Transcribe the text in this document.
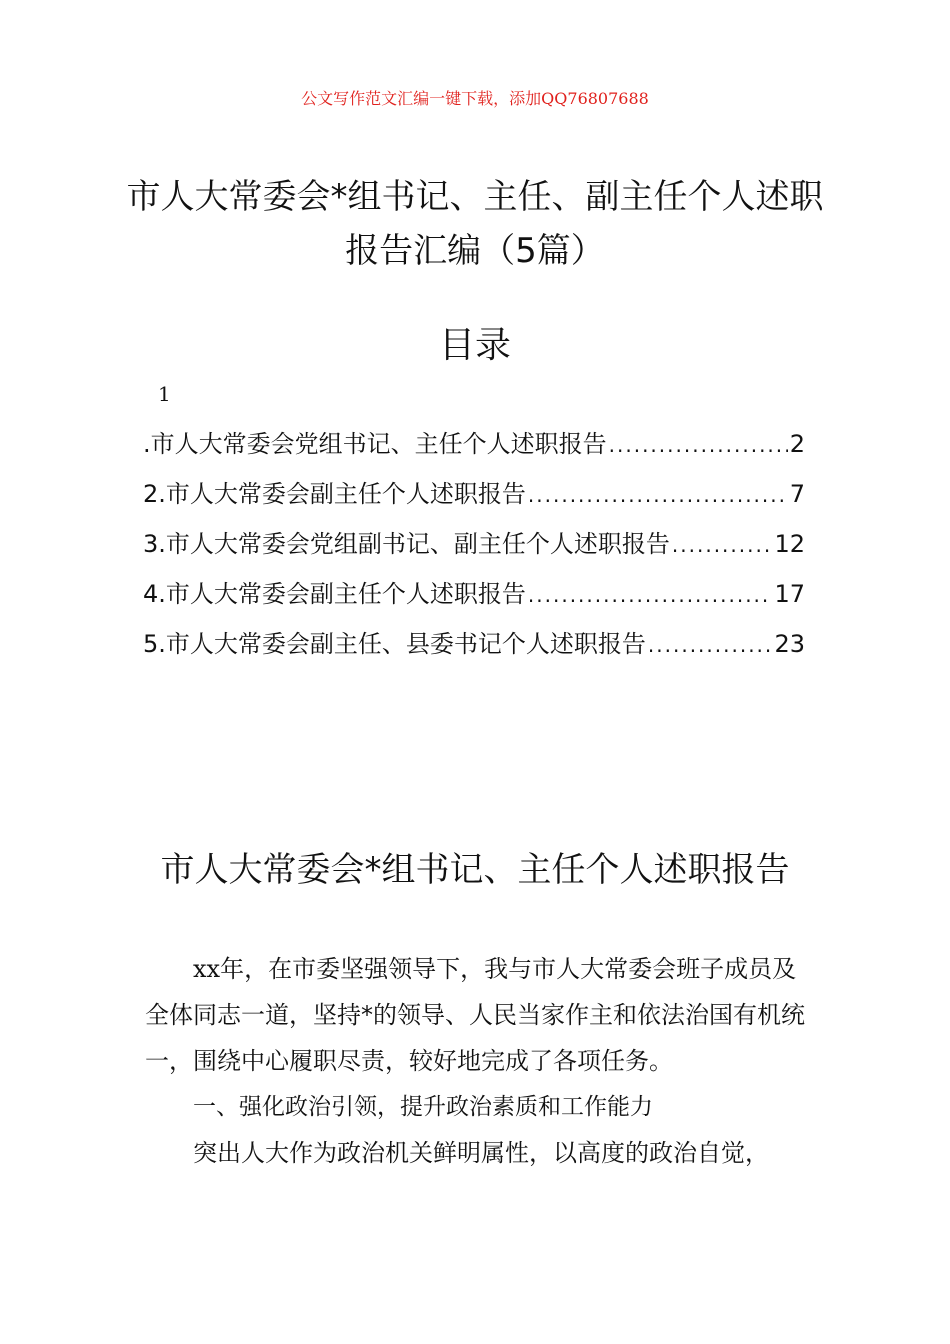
公文写作范文汇编一键下载，添加QQ76807688
市人大常委会*组书记、主任、副主任个人述职报告汇编（5篇）
目录
1
.市人大常委会党组书记、主任个人述职报告 .....	2
2.市人大常委会副主任个人述职报告 .....	7
3.市人大常委会党组副书记、副主任个人述职报告 .....	12
4.市人大常委会副主任个人述职报告 .....	17
5.市人大常委会副主任、县委书记个人述职报告 .....	23
市人大常委会*组书记、主任个人述职报告

xx年，在市委坚强领导下，我与市人大常委会班子成员及全体同志一道，坚持*的领导、人民当家作主和依法治国有机统一，围绕中心履职尽责，较好地完成了各项任务。

一、强化政治引领，提升政治素质和工作能力

突出人大作为政治机关鲜明属性，以高度的政治自觉，
